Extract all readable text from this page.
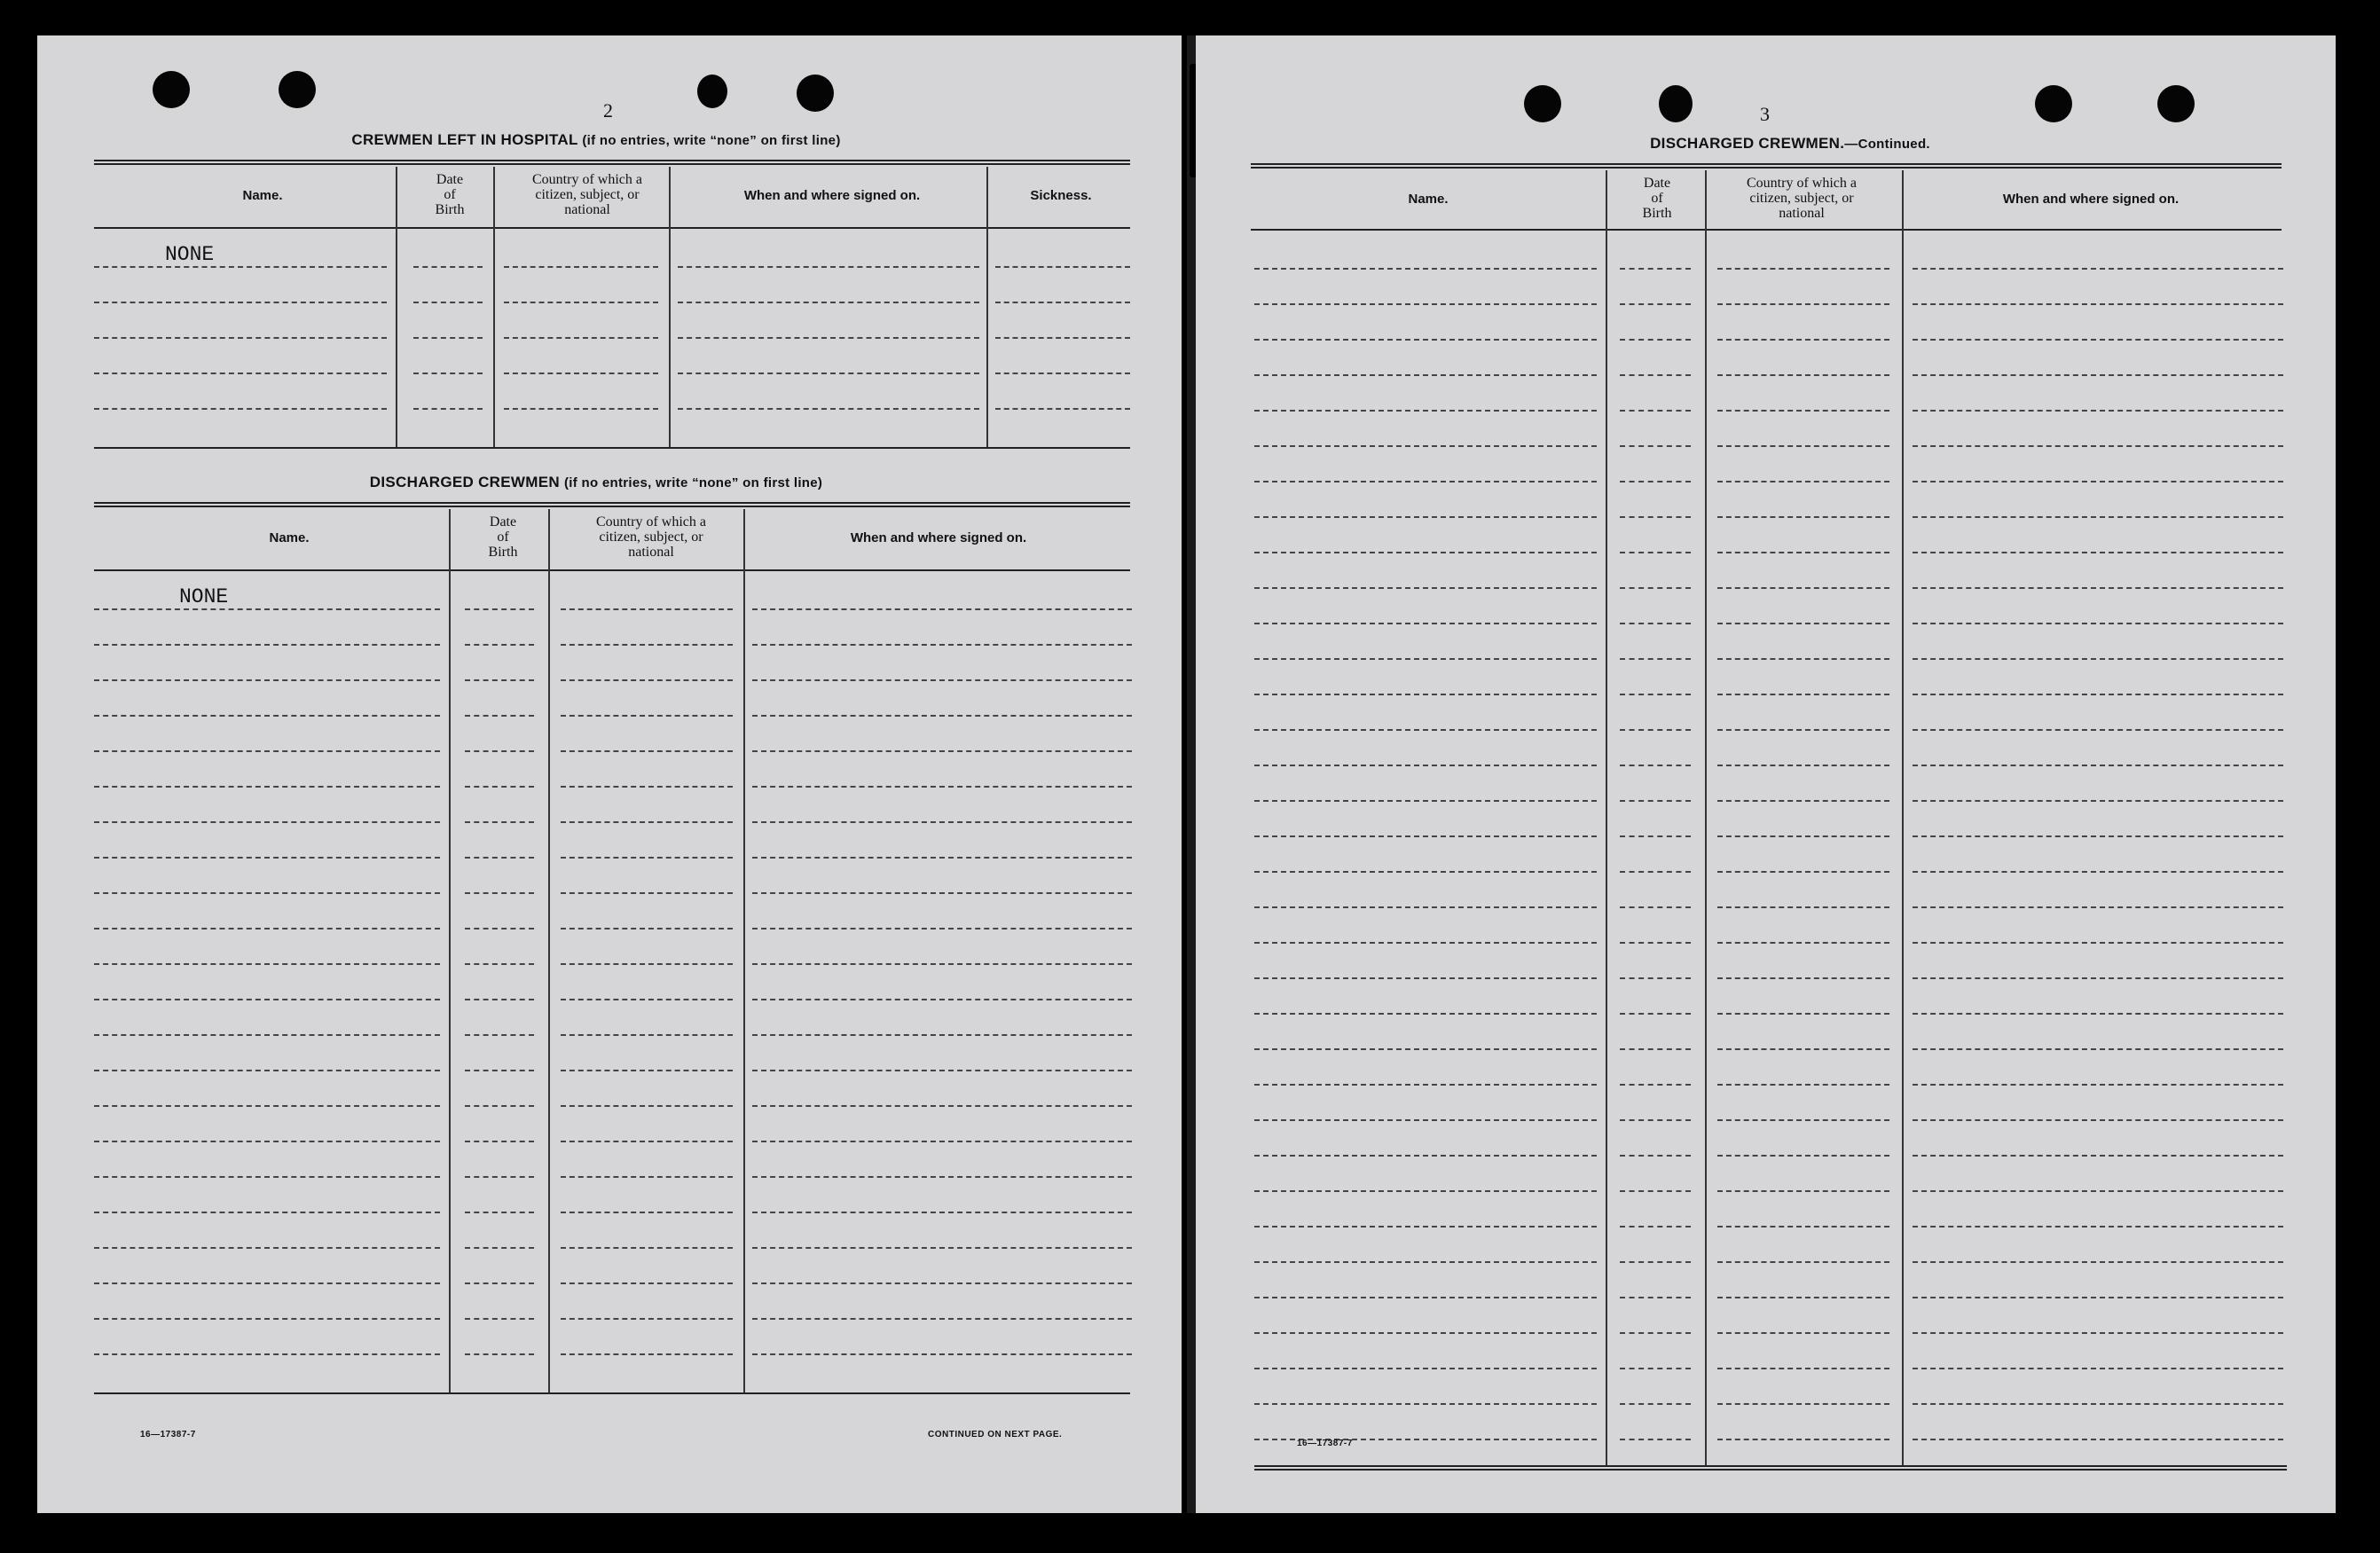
2
CREWMEN LEFT IN HOSPITAL (if no entries, write “none” on first line)
Name.
Date
of
Birth
Country of which a
citizen, subject, or
national
When and where signed on.	Sickness.
NONE
DISCHARGED CREWMEN (if no entries, write “none” on first line)
Name.
Date
of
Birth
Country of which a
citizen, subject, or
national
When and where signed on.
NONE
16—17387-7	CONTINUED ON NEXT PAGE.
3
DISCHARGED CREWMEN.—Continued.
Name.
Date
of
Birth
Country of which a
citizen, subject, or
national
When and where signed on.
16—17387-7
